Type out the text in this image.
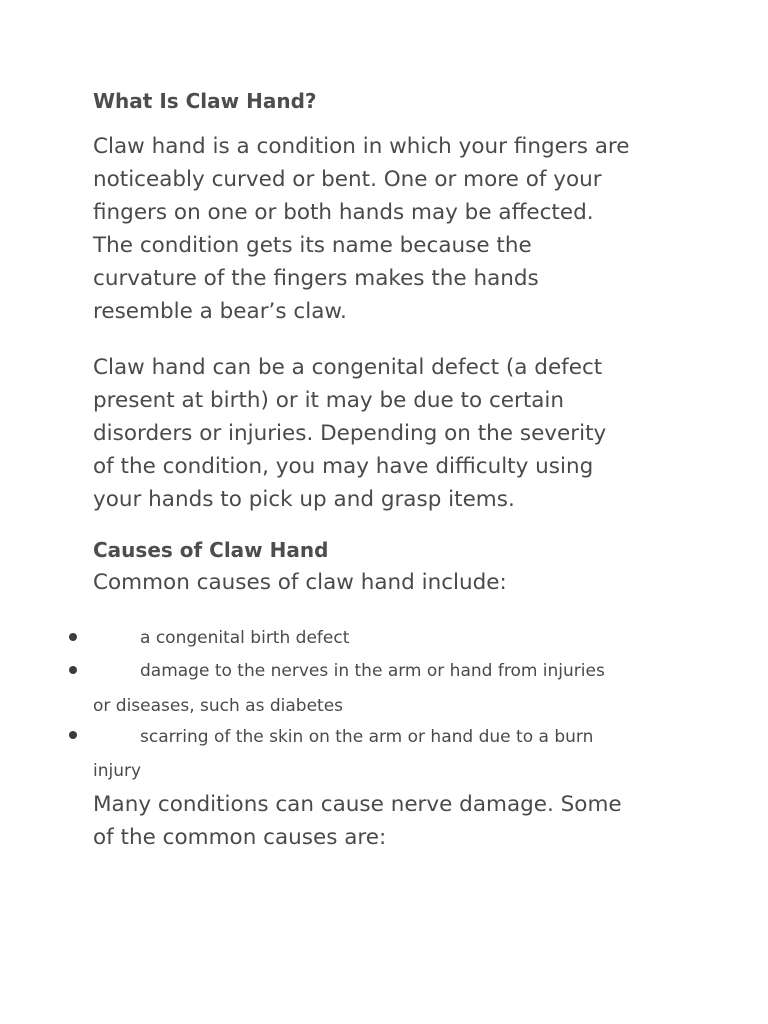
What Is Claw Hand?
Claw hand is a condition in which your fingers are
noticeably curved or bent. One or more of your
fingers on one or both hands may be affected.
The condition gets its name because the
curvature of the fingers makes the hands
resemble a bear’s claw.
Claw hand can be a congenital defect (a defect
present at birth) or it may be due to certain
disorders or injuries. Depending on the severity
of the condition, you may have difficulty using
your hands to pick up and grasp items.
Causes of Claw Hand
Common causes of claw hand include:
a congenital birth defect
damage to the nerves in the arm or hand from injuries
or diseases, such as diabetes
scarring of the skin on the arm or hand due to a burn
injury
Many conditions can cause nerve damage. Some
of the common causes are:
